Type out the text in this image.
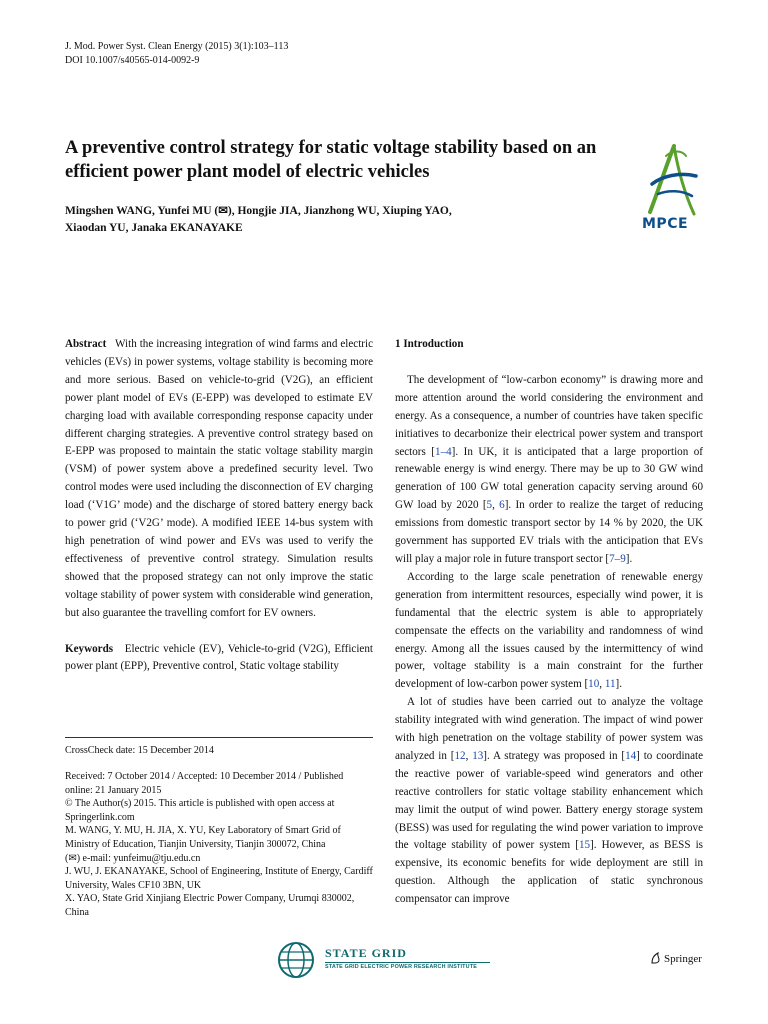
J. Mod. Power Syst. Clean Energy (2015) 3(1):103–113
DOI 10.1007/s40565-014-0092-9
A preventive control strategy for static voltage stability based on an efficient power plant model of electric vehicles
Mingshen WANG, Yunfei MU (✉), Hongjie JIA, Jianzhong WU, Xiuping YAO, Xiaodan YU, Janaka EKANAYAKE	MPCE

Abstract With the increasing integration of wind farms and electric vehicles (EVs) in power systems, voltage stability is becoming more and more serious. Based on vehicle-to-grid (V2G), an efficient power plant model of EVs (E-EPP) was developed to estimate EV charging load with available corresponding response capacity under different charging strategies. A preventive control strategy based on E-EPP was proposed to maintain the static voltage stability margin (VSM) of power system above a predefined security level. Two control modes were used including the disconnection of EV charging load (‘V1G’ mode) and the discharge of stored battery energy back to power grid (‘V2G’ mode). A modified IEEE 14-bus system with high penetration of wind power and EVs was used to verify the effectiveness of preventive control strategy. Simulation results showed that the proposed strategy can not only improve the static voltage stability of power system with considerable wind generation, but also guarantee the travelling comfort for EV owners.

Keywords Electric vehicle (EV), Vehicle-to-grid (V2G), Efficient power plant (EPP), Preventive control, Static voltage stability

CrossCheck date: 15 December 2014

Received: 7 October 2014 / Accepted: 10 December 2014 / Published online: 21 January 2015

© The Author(s) 2015. This article is published with open access at Springerlink.com

M. WANG, Y. MU, H. JIA, X. YU, Key Laboratory of Smart Grid of Ministry of Education, Tianjin University, Tianjin 300072, China

(✉) e-mail: yunfeimu@tju.edu.cn

J. WU, J. EKANAYAKE, School of Engineering, Institute of Energy, Cardiff University, Wales CF10 3BN, UK

X. YAO, State Grid Xinjiang Electric Power Company, Urumqi 830002, China

1 Introduction

The development of “low-carbon economy” is drawing more and more attention around the world considering the environment and energy. As a consequence, a number of countries have taken specific initiatives to decarbonize their electrical power system and transport sectors [1–4]. In UK, it is anticipated that a large proportion of renewable energy is wind energy. There may be up to 30 GW wind generation of 100 GW total generation capacity serving around 60 GW load by 2020 [5, 6]. In order to realize the target of reducing emissions from domestic transport sector by 14 % by 2020, the UK government has supported EV trials with the anticipation that EVs will play a major role in future transport sector [7–9].

According to the large scale penetration of renewable energy generation from intermittent resources, especially wind power, it is fundamental that the electric system is able to appropriately compensate the effects on the variability and randomness of wind energy. Among all the issues caused by the intermittency of wind power, voltage stability is a main constraint for the further development of low-carbon power system [10, 11].

A lot of studies have been carried out to analyze the voltage stability integrated with wind generation. The impact of wind power with high penetration on the voltage stability of power system was analyzed in [12, 13]. A strategy was proposed in [14] to coordinate the reactive power of variable-speed wind generators and other reactive controllers for static voltage stability enhancement which may limit the output of wind power. Battery energy storage system (BESS) was used for regulating the wind power variation to improve the voltage stability of power system [15]. However, as BESS is expensive, its economic benefits for wide deployment are still in question. Although the application of static synchronous compensator can improve

STATE GRID
STATE GRID ELECTRIC POWER RESEARCH INSTITUTE
Springer
